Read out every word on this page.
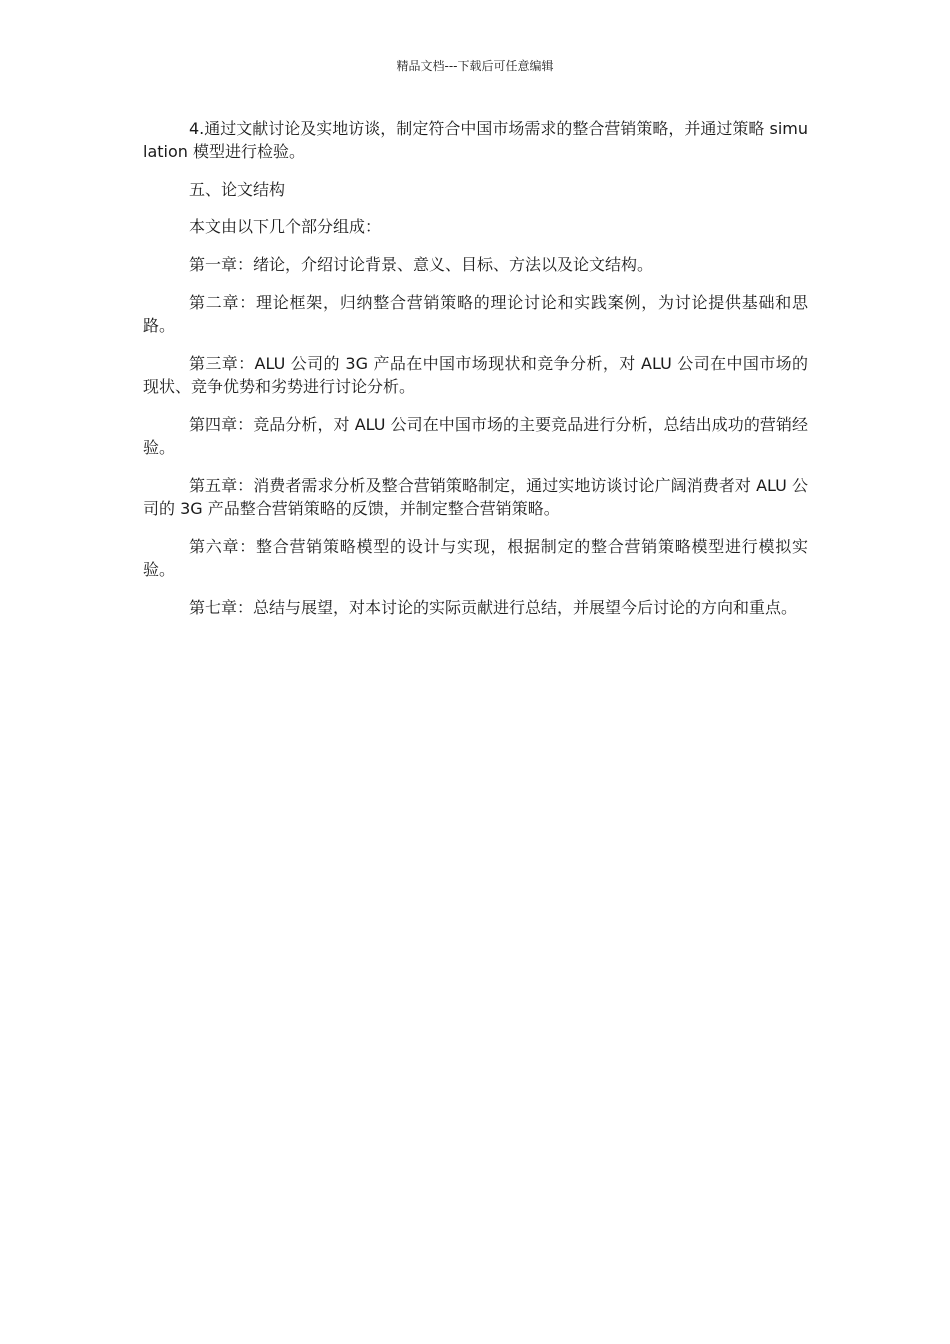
精品文档---下载后可任意编辑

4.通过文献讨论及实地访谈，制定符合中国市场需求的整合营销策略，并通过策略 simulation 模型进行检验。

五、论文结构

本文由以下几个部分组成：

第一章：绪论，介绍讨论背景、意义、目标、方法以及论文结构。

第二章：理论框架，归纳整合营销策略的理论讨论和实践案例，为讨论提供基础和思路。

第三章：ALU 公司的 3G 产品在中国市场现状和竞争分析，对 ALU 公司在中国市场的现状、竞争优势和劣势进行讨论分析。

第四章：竞品分析，对 ALU 公司在中国市场的主要竞品进行分析，总结出成功的营销经验。

第五章：消费者需求分析及整合营销策略制定，通过实地访谈讨论广阔消费者对 ALU 公司的 3G 产品整合营销策略的反馈，并制定整合营销策略。

第六章：整合营销策略模型的设计与实现，根据制定的整合营销策略模型进行模拟实验。

第七章：总结与展望，对本讨论的实际贡献进行总结，并展望今后讨论的方向和重点。
